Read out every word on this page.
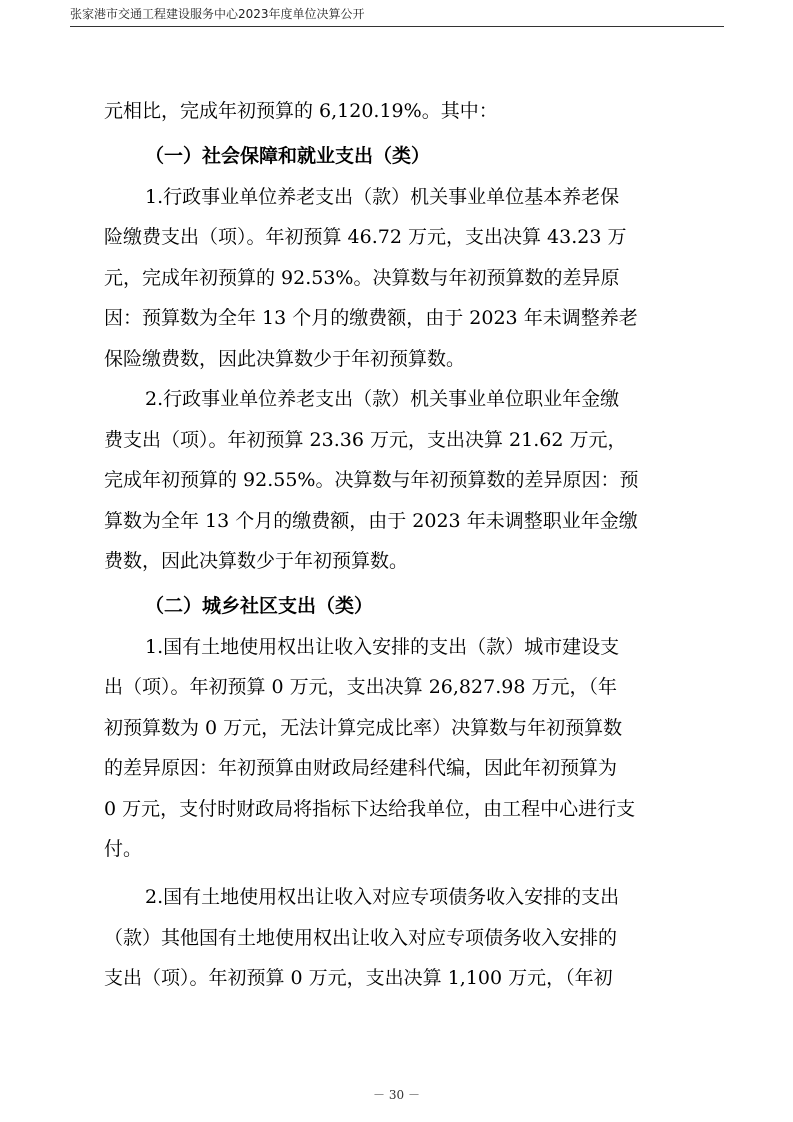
张家港市交通工程建设服务中心2023年度单位决算公开
元相比，完成年初预算的 6,120.19%。其中：
（一）社会保障和就业支出（类）
1.行政事业单位养老支出（款）机关事业单位基本养老保
险缴费支出（项）。年初预算 46.72 万元，支出决算 43.23 万
元，完成年初预算的 92.53%。决算数与年初预算数的差异原
因：预算数为全年 13 个月的缴费额，由于 2023 年未调整养老
保险缴费数，因此决算数少于年初预算数。
2.行政事业单位养老支出（款）机关事业单位职业年金缴
费支出（项）。年初预算 23.36 万元，支出决算 21.62 万元，
完成年初预算的 92.55%。决算数与年初预算数的差异原因：预
算数为全年 13 个月的缴费额，由于 2023 年未调整职业年金缴
费数，因此决算数少于年初预算数。
（二）城乡社区支出（类）
1.国有土地使用权出让收入安排的支出（款）城市建设支
出（项）。年初预算 0 万元，支出决算 26,827.98 万元，（年
初预算数为 0 万元，无法计算完成比率）决算数与年初预算数
的差异原因：年初预算由财政局经建科代编，因此年初预算为
0 万元，支付时财政局将指标下达给我单位，由工程中心进行支
付。
2.国有土地使用权出让收入对应专项债务收入安排的支出
（款）其他国有土地使用权出让收入对应专项债务收入安排的
支出（项）。年初预算 0 万元，支出决算 1,100 万元，（年初
－ 30 －
